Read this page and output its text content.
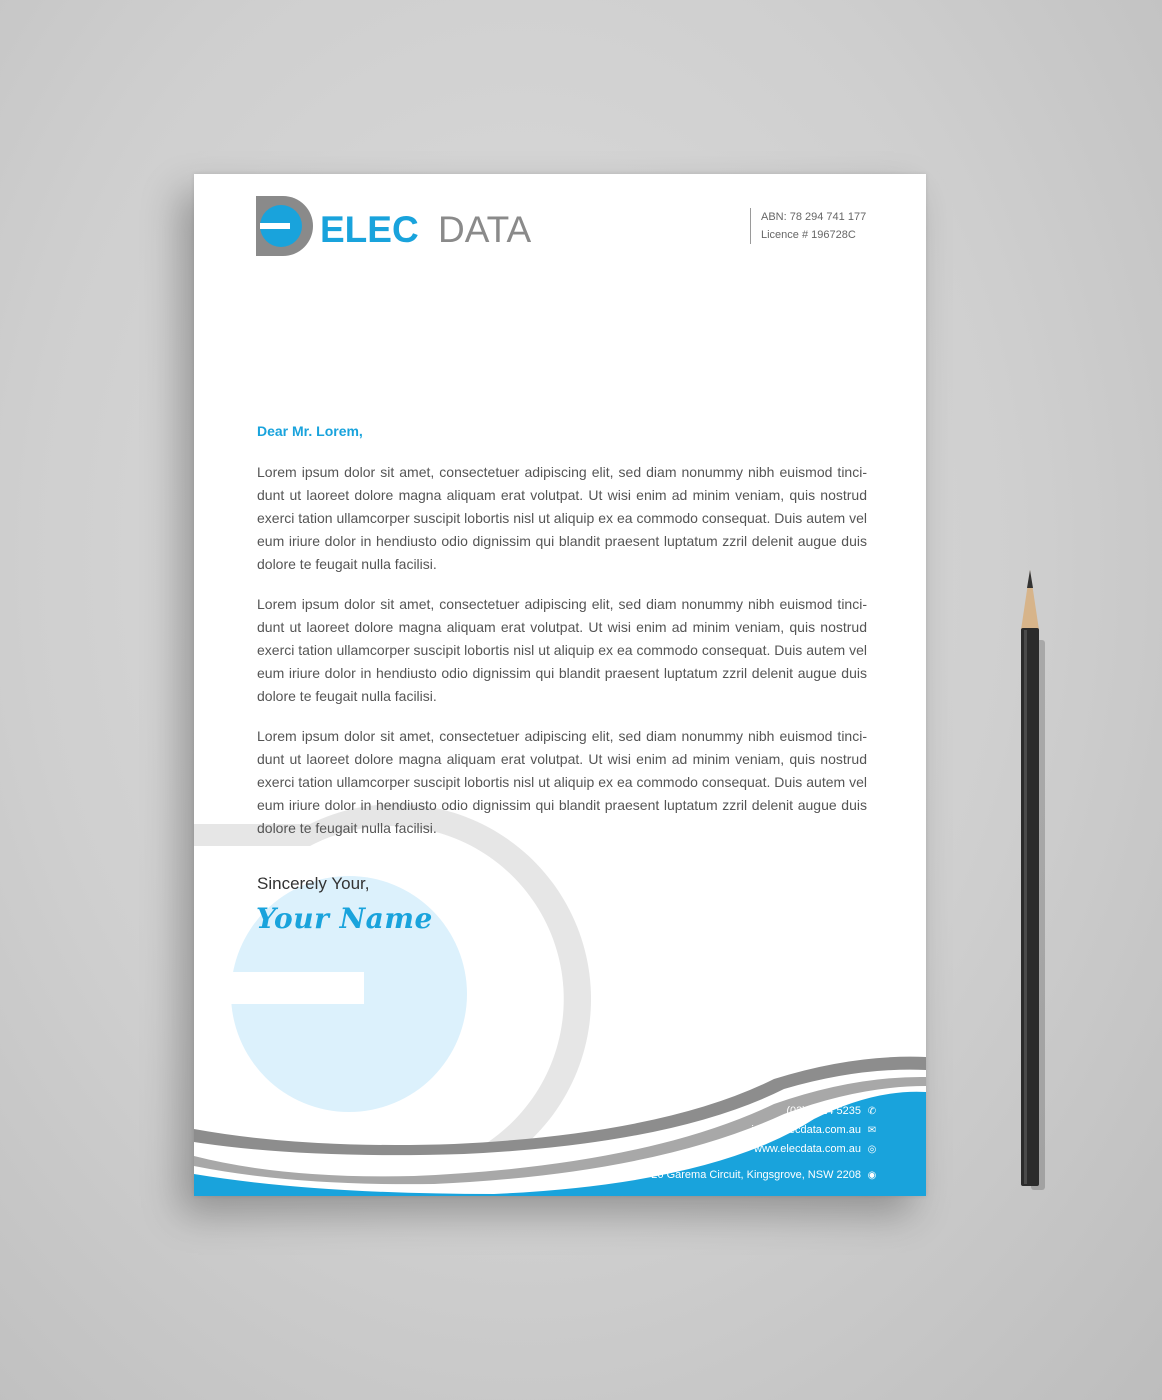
ELEC DATA	ABN: 78 294 741 177
Licence # 196728C
Dear Mr. Lorem,

Lorem ipsum dolor sit amet, consectetuer adipiscing elit, sed diam nonummy nibh euismod tinci-dunt ut laoreet dolore magna aliquam erat volutpat. Ut wisi enim ad minim veniam, quis nostrud exerci tation ullamcorper suscipit lobortis nisl ut aliquip ex ea commodo consequat. Duis autem vel eum iriure dolor in hendiusto odio dignissim qui blandit praesent luptatum zzril delenit augue duis dolore te feugait nulla facilisi.

Lorem ipsum dolor sit amet, consectetuer adipiscing elit, sed diam nonummy nibh euismod tinci-dunt ut laoreet dolore magna aliquam erat volutpat. Ut wisi enim ad minim veniam, quis nostrud exerci tation ullamcorper suscipit lobortis nisl ut aliquip ex ea commodo consequat. Duis autem vel eum iriure dolor in hendiusto odio dignissim qui blandit praesent luptatum zzril delenit augue duis dolore te feugait nulla facilisi.

Lorem ipsum dolor sit amet, consectetuer adipiscing elit, sed diam nonummy nibh euismod tinci-dunt ut laoreet dolore magna aliquam erat volutpat. Ut wisi enim ad minim veniam, quis nostrud exerci tation ullamcorper suscipit lobortis nisl ut aliquip ex ea commodo consequat. Duis autem vel eum iriure dolor in hendiusto odio dignissim qui blandit praesent luptatum zzril delenit augue duis dolore te feugait nulla facilisi.

Sincerely Your,
Your Name
(02) 8014 5235 ✆
info@elecdata.com.au ✉
www.elecdata.com.au ◎
26 Garema Circuit, Kingsgrove, NSW 2208 ◉
